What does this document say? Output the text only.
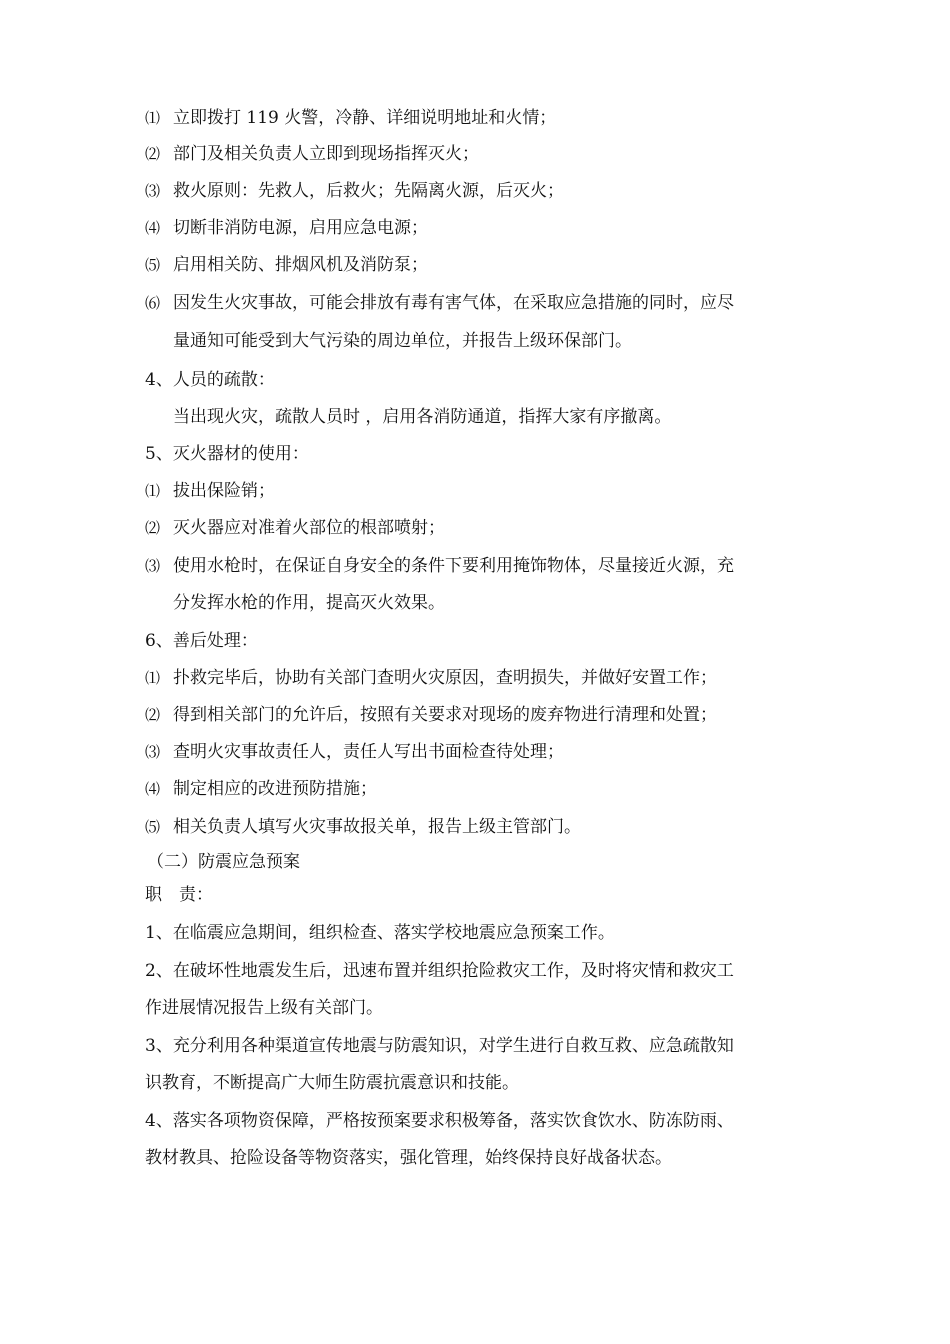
⑴ 立即拨打 119 火警，冷静、详细说明地址和火情；
⑵ 部门及相关负责人立即到现场指挥灭火；
⑶ 救火原则：先救人，后救火；先隔离火源，后灭火；
⑷ 切断非消防电源，启用应急电源；
⑸ 启用相关防、排烟风机及消防泵；
⑹ 因发生火灾事故，可能会排放有毒有害气体，在采取应急措施的同时，应尽
量通知可能受到大气污染的周边单位，并报告上级环保部门。
4、人员的疏散：
当出现火灾，疏散人员时 ，启用各消防通道，指挥大家有序撤离。
5、灭火器材的使用：
⑴ 拔出保险销；
⑵ 灭火器应对准着火部位的根部喷射；
⑶ 使用水枪时，在保证自身安全的条件下要利用掩饰物体，尽量接近火源，充
分发挥水枪的作用，提高灭火效果。
6、善后处理：
⑴ 扑救完毕后，协助有关部门查明火灾原因，查明损失，并做好安置工作；
⑵ 得到相关部门的允许后，按照有关要求对现场的废弃物进行清理和处置；
⑶ 查明火灾事故责任人，责任人写出书面检查待处理；
⑷ 制定相应的改进预防措施；
⑸ 相关负责人填写火灾事故报关单，报告上级主管部门。
（二）防震应急预案
职　责：
1、在临震应急期间，组织检查、落实学校地震应急预案工作。
2、在破坏性地震发生后，迅速布置并组织抢险救灾工作，及时将灾情和救灾工
作进展情况报告上级有关部门。
3、充分利用各种渠道宣传地震与防震知识，对学生进行自救互救、应急疏散知
识教育，不断提高广大师生防震抗震意识和技能。
4、落实各项物资保障，严格按预案要求积极筹备，落实饮食饮水、防冻防雨、
教材教具、抢险设备等物资落实，强化管理，始终保持良好战备状态。
